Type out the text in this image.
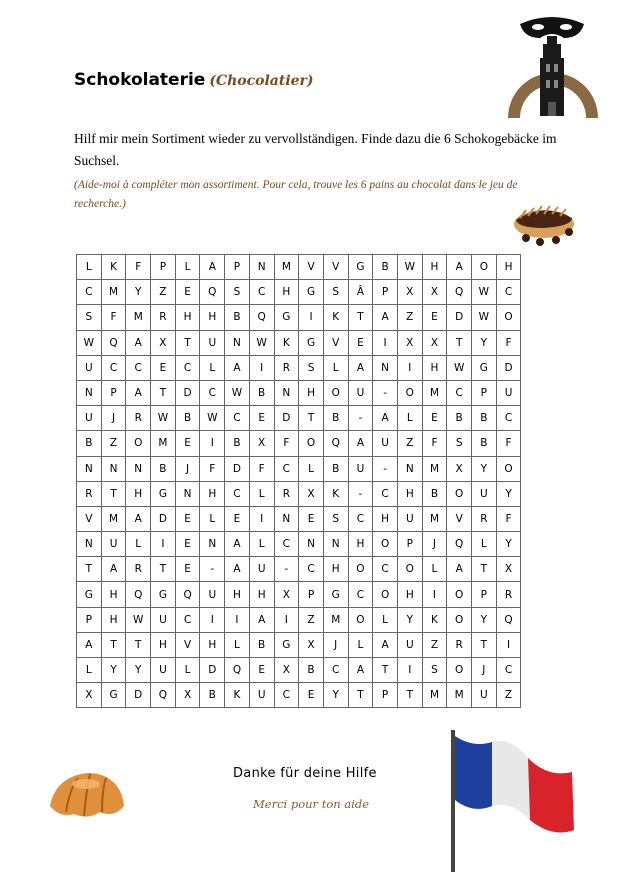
Schokolaterie (Chocolatier)

Hilf mir mein Sortiment wieder zu vervollständigen. Finde dazu die 6 Schokogebäcke im Suchsel.

(Aide-moi à compléter mon assortiment. Pour cela, trouve les 6 pains au chocolat dans le jeu de recherche.)

L	K	F	P	L	A	P	N	M	V	V	G	B	W	H	A	O	H
C	M	Y	Z	E	Q	S	C	H	G	S	Â	P	X	X	Q	W	C
S	F	M	R	H	H	B	Q	G	I	K	T	A	Z	E	D	W	O
W	Q	A	X	T	U	N	W	K	G	V	E	I	X	X	T	Y	F
U	C	C	E	C	L	A	I	R	S	L	A	N	I	H	W	G	D
N	P	A	T	D	C	W	B	N	H	O	U	-	O	M	C	P	U
U	J	R	W	B	W	C	E	D	T	B	-	A	L	E	B	B	C
B	Z	O	M	E	I	B	X	F	O	Q	A	U	Z	F	S	B	F
N	N	N	B	J	F	D	F	C	L	B	U	-	N	M	X	Y	O
R	T	H	G	N	H	C	L	R	X	K	-	C	H	B	O	U	Y
V	M	A	D	E	L	E	I	N	E	S	C	H	U	M	V	R	F
N	U	L	I	E	N	A	L	C	N	N	H	O	P	J	Q	L	Y
T	A	R	T	E	-	A	U	-	C	H	O	C	O	L	A	T	X
G	H	Q	G	Q	U	H	H	X	P	G	C	O	H	I	O	P	R
P	H	W	U	C	I	I	A	I	Z	M	O	L	Y	K	O	Y	Q
A	T	T	H	V	H	L	B	G	X	J	L	A	U	Z	R	T	I
L	Y	Y	U	L	D	Q	E	X	B	C	A	T	I	S	O	J	C
X	G	D	Q	X	B	K	U	C	E	Y	T	P	T	M	M	U	Z

Danke für deine Hilfe

Merci pour ton aide
